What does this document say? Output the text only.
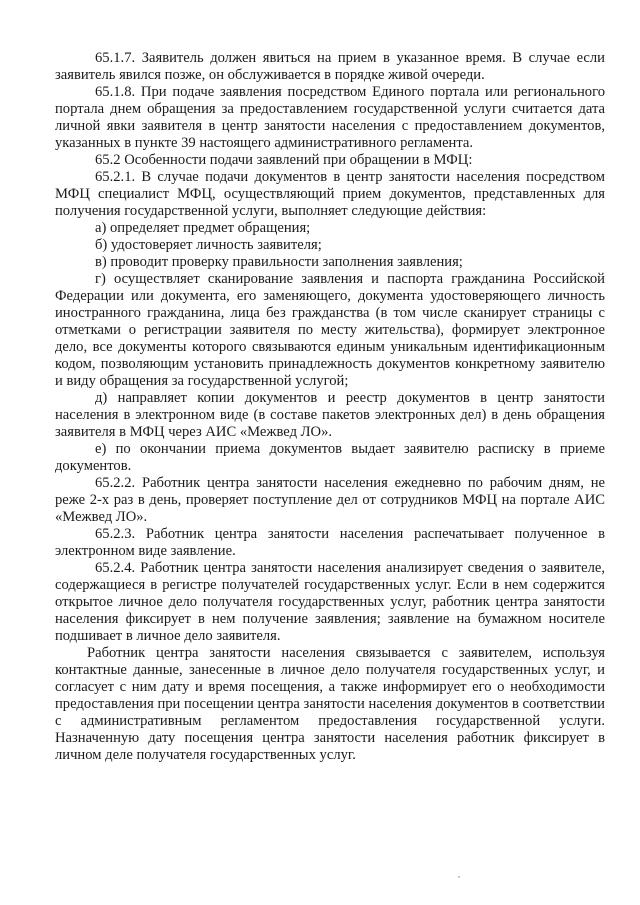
65.1.7. Заявитель должен явиться на прием в указанное время. В случае если заявитель явился позже, он обслуживается в порядке живой очереди.

65.1.8. При подаче заявления посредством Единого портала или регионального портала днем обращения за предоставлением государственной услуги считается дата личной явки заявителя в центр занятости населения с предоставлением документов, указанных в пункте 39 настоящего административного регламента.

65.2 Особенности подачи заявлений при обращении в МФЦ:

65.2.1. В случае подачи документов в центр занятости населения посредством МФЦ специалист МФЦ, осуществляющий прием документов, представленных для получения государственной услуги, выполняет следующие действия:

а) определяет предмет обращения;

б) удостоверяет личность заявителя;

в) проводит проверку правильности заполнения заявления;

г) осуществляет сканирование заявления и паспорта гражданина Российской Федерации или документа, его заменяющего, документа удостоверяющего личность иностранного гражданина, лица без гражданства (в том числе сканирует страницы с отметками о регистрации заявителя по месту жительства), формирует электронное дело, все документы которого связываются единым уникальным идентификационным кодом, позволяющим установить принадлежность документов конкретному заявителю и виду обращения за государственной услугой;

д) направляет копии документов и реестр документов в центр занятости населения в электронном виде (в составе пакетов электронных дел) в день обращения заявителя в МФЦ через АИС «Межвед ЛО».

е) по окончании приема документов выдает заявителю расписку в приеме документов.

65.2.2. Работник центра занятости населения ежедневно по рабочим дням, не реже 2-х раз в день, проверяет поступление дел от сотрудников МФЦ на портале АИС «Межвед ЛО».

65.2.3. Работник центра занятости населения распечатывает полученное в электронном виде заявление.

65.2.4. Работник центра занятости населения анализирует сведения о заявителе, содержащиеся в регистре получателей государственных услуг. Если в нем содержится открытое личное дело получателя государственных услуг, работник центра занятости населения фиксирует в нем получение заявления; заявление на бумажном носителе подшивает в личное дело заявителя.

Работник центра занятости населения связывается с заявителем, используя контактные данные, занесенные в личное дело получателя государственных услуг, и согласует с ним дату и время посещения, а также информирует его о необходимости предоставления при посещении центра занятости населения документов в соответствии с административным регламентом предоставления государственной услуги. Назначенную дату посещения центра занятости населения работник фиксирует в личном деле получателя государственных услуг.
